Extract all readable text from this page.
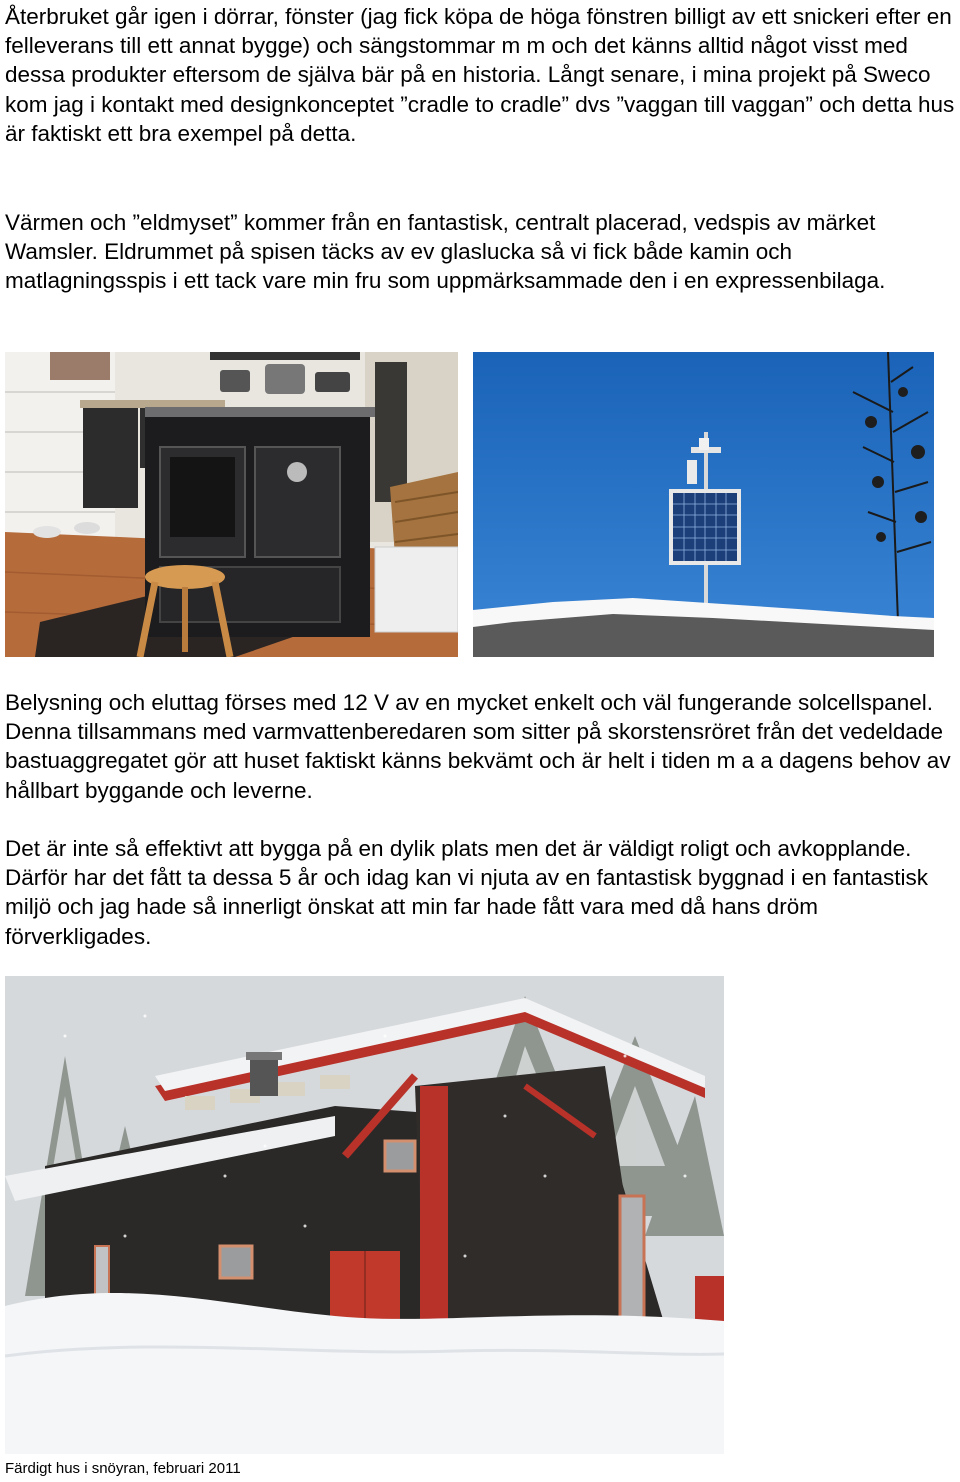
Återbruket går igen i dörrar, fönster (jag fick köpa de höga fönstren billigt av ett snickeri efter en felleverans till ett annat bygge) och sängstommar m m och det känns alltid något visst med dessa produkter eftersom de själva bär på en historia. Långt senare, i mina projekt på Sweco kom jag i kontakt med designkonceptet ”cradle to cradle” dvs ”vaggan till vaggan” och detta hus är faktiskt ett bra exempel på detta.

Värmen och ”eldmyset” kommer från en fantastisk, centralt placerad, vedspis av märket Wamsler. Eldrummet på spisen täcks av ev glaslucka så vi fick både kamin och matlagningsspis i ett tack vare min fru som uppmärksammade den i en expressenbilaga.

Belysning och eluttag förses med 12 V av en mycket enkelt och väl fungerande solcellspanel. Denna tillsammans med varmvattenberedaren som sitter på skorstensröret från det vedeldade bastuaggregatet gör att huset faktiskt känns bekvämt och är helt i tiden m a a dagens behov av hållbart byggande och leverne.

Det är inte så effektivt att bygga på en dylik plats men det är väldigt roligt och avkopplande. Därför har det fått ta dessa 5 år och idag kan vi njuta av en fantastisk byggnad i en fantastisk miljö och jag hade så innerligt önskat att min far hade fått vara med då hans dröm förverkligades.

Färdigt hus i snöyran, februari 2011
